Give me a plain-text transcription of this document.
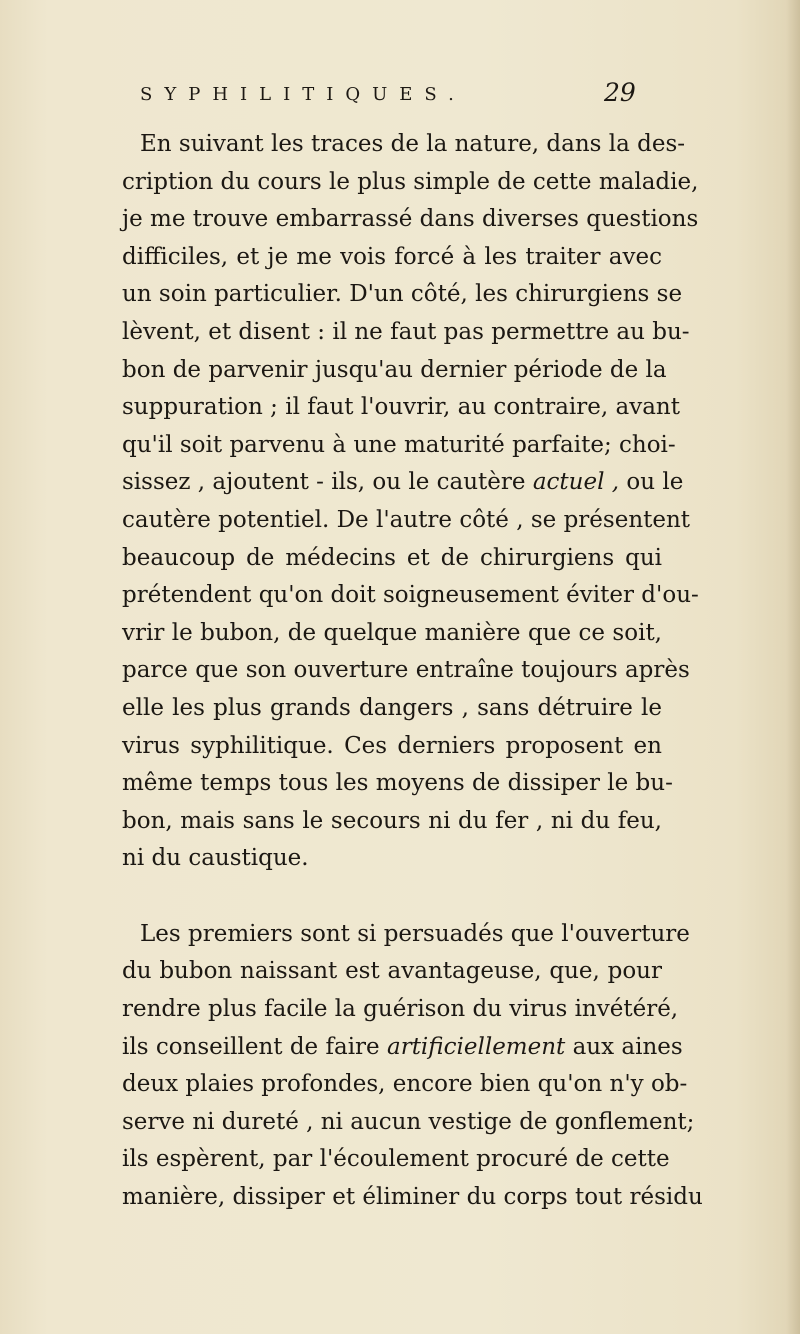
SYPHILITIQUES.	29
En suivant les traces de la nature, dans la des-
cription du cours le plus simple de cette maladie,
je me trouve embarrassé dans diverses questions
difficiles, et je me vois forcé à les traiter avec
un soin particulier. D'un côté, les chirurgiens se
lèvent, et disent : il ne faut pas permettre au bu-
bon de parvenir jusqu'au dernier période de la
suppuration ; il faut l'ouvrir, au contraire, avant
qu'il soit parvenu à une maturité parfaite; choi-
sissez , ajoutent - ils, ou le cautère actuel , ou le
cautère potentiel. De l'autre côté , se présentent
beaucoup de médecins et de chirurgiens qui
prétendent qu'on doit soigneusement éviter d'ou-
vrir le bubon, de quelque manière que ce soit,
parce que son ouverture entraîne toujours après
elle les plus grands dangers , sans détruire le
virus syphilitique. Ces derniers proposent en
même temps tous les moyens de dissiper le bu-
bon, mais sans le secours ni du fer , ni du feu,
ni du caustique.
Les premiers sont si persuadés que l'ouverture
du bubon naissant est avantageuse, que, pour
rendre plus facile la guérison du virus invétéré,
ils conseillent de faire artificiellement aux aines
deux plaies profondes, encore bien qu'on n'y ob-
serve ni dureté , ni aucun vestige de gonflement;
ils espèrent, par l'écoulement procuré de cette
manière, dissiper et éliminer du corps tout résidu
